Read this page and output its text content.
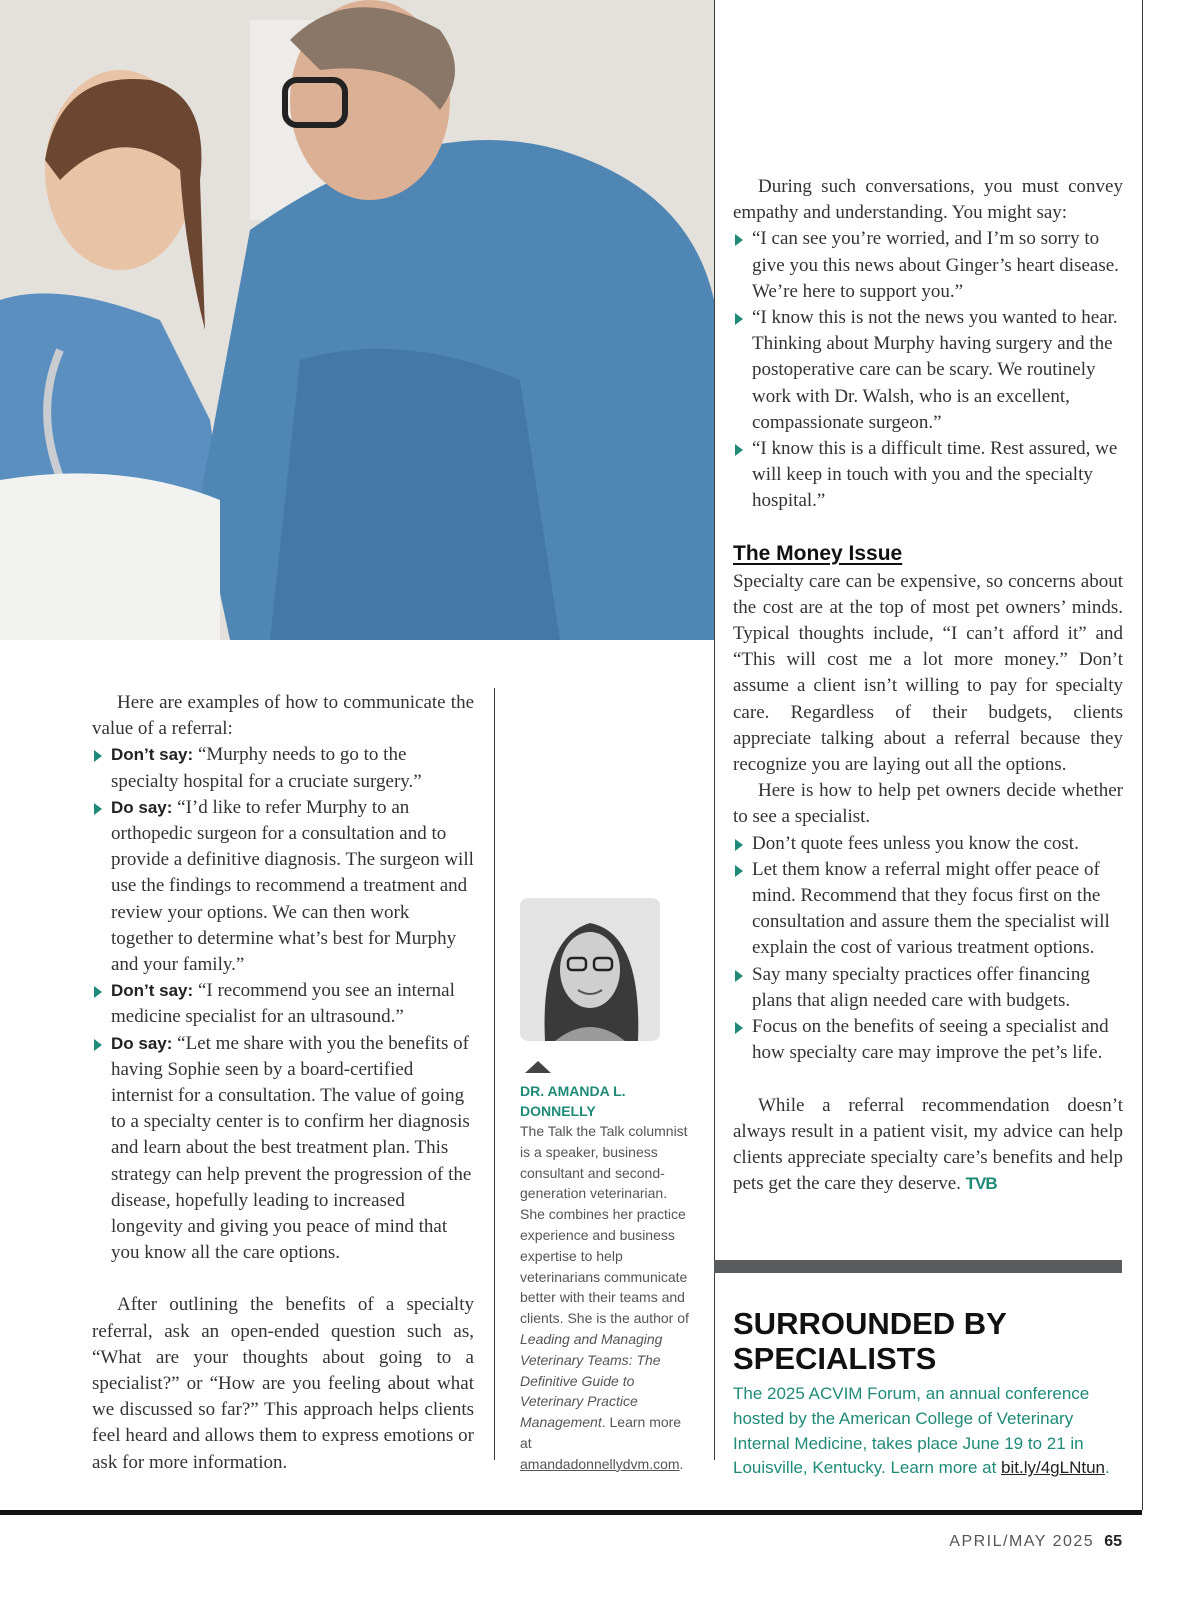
Here are examples of how to communicate the value of a referral:

Don’t say: “Murphy needs to go to the specialty hospital for a cruciate surgery.”
Do say: “I’d like to refer Murphy to an orthopedic surgeon for a consultation and to provide a definitive diagnosis. The surgeon will use the findings to recommend a treatment and review your options. We can then work together to determine what’s best for Murphy and your family.”
Don’t say: “I recommend you see an internal medicine specialist for an ultrasound.”
Do say: “Let me share with you the benefits of having Sophie seen by a board-certified internist for a consultation. The value of going to a specialty center is to confirm her diagnosis and learn about the best treatment plan. This strategy can help prevent the progression of the disease, hopefully leading to increased longevity and giving you peace of mind that you know all the care options.

After outlining the benefits of a specialty referral, ask an open-ended question such as, “What are your thoughts about going to a specialist?” or “How are you feeling about what we discussed so far?” This approach helps clients feel heard and allows them to express emotions or ask for more information.

DR. AMANDA L. DONNELLY
The Talk the Talk columnist is a speaker, business consultant and second-generation veterinarian. She combines her practice experience and business expertise to help veterinarians communicate better with their teams and clients. She is the author of Leading and Managing Veterinary Teams: The Definitive Guide to Veterinary Practice Management. Learn more at amandadonnellydvm.com.

During such conversations, you must convey empathy and understanding. You might say:

“I can see you’re worried, and I’m so sorry to give you this news about Ginger’s heart disease. We’re here to support you.”
“I know this is not the news you wanted to hear. Thinking about Murphy having surgery and the postoperative care can be scary. We routinely work with Dr. Walsh, who is an excellent, compassionate surgeon.”
“I know this is a difficult time. Rest assured, we will keep in touch with you and the specialty hospital.”
The Money Issue

Specialty care can be expensive, so concerns about the cost are at the top of most pet owners’ minds. Typical thoughts include, “I can’t afford it” and “This will cost me a lot more money.” Don’t assume a client isn’t willing to pay for specialty care. Regardless of their budgets, clients appreciate talking about a referral because they recognize you are laying out all the options.

Here is how to help pet owners decide whether to see a specialist.

Don’t quote fees unless you know the cost.
Let them know a referral might offer peace of mind. Recommend that they focus first on the consultation and assure them the specialist will explain the cost of various treatment options.
Say many specialty practices offer financing plans that align needed care with budgets.
Focus on the benefits of seeing a specialist and how specialty care may improve the pet’s life.

While a referral recommendation doesn’t always result in a patient visit, my advice can help clients appreciate specialty care’s benefits and help pets get the care they deserve. TVB

SURROUNDED BY SPECIALISTS

The 2025 ACVIM Forum, an annual conference hosted by the American College of Veterinary Internal Medicine, takes place June 19 to 21 in Louisville, Kentucky. Learn more at bit.ly/4gLNtun.

APRIL/MAY 2025 65
